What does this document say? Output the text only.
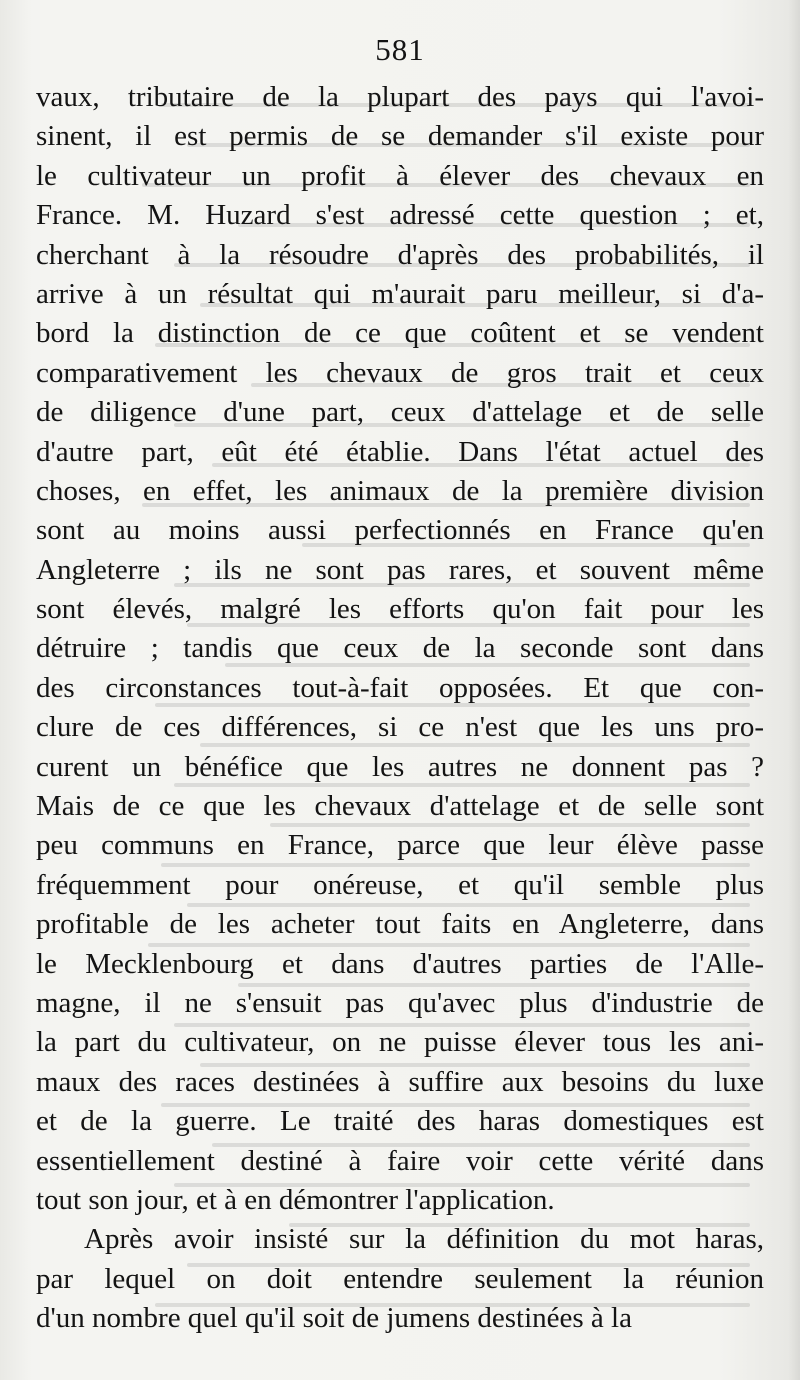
581
vaux, tributaire de la plupart des pays qui l'avoi-
sinent, il est permis de se demander s'il existe pour
le cultivateur un profit à élever des chevaux en
France. M. Huzard s'est adressé cette question ; et,
cherchant à la résoudre d'après des probabilités, il
arrive à un résultat qui m'aurait paru meilleur, si d'a-
bord la distinction de ce que coûtent et se vendent
comparativement les chevaux de gros trait et ceux
de diligence d'une part, ceux d'attelage et de selle
d'autre part, eût été établie. Dans l'état actuel des
choses, en effet, les animaux de la première division
sont au moins aussi perfectionnés en France qu'en
Angleterre ; ils ne sont pas rares, et souvent même
sont élevés, malgré les efforts qu'on fait pour les
détruire ; tandis que ceux de la seconde sont dans
des circonstances tout-à-fait opposées. Et que con-
clure de ces différences, si ce n'est que les uns pro-
curent un bénéfice que les autres ne donnent pas ?
Mais de ce que les chevaux d'attelage et de selle sont
peu communs en France, parce que leur élève passe
fréquemment pour onéreuse, et qu'il semble plus
profitable de les acheter tout faits en Angleterre, dans
le Mecklenbourg et dans d'autres parties de l'Alle-
magne, il ne s'ensuit pas qu'avec plus d'industrie de
la part du cultivateur, on ne puisse élever tous les ani-
maux des races destinées à suffire aux besoins du luxe
et de la guerre. Le traité des haras domestiques est
essentiellement destiné à faire voir cette vérité dans
tout son jour, et à en démontrer l'application.
Après avoir insisté sur la définition du mot haras,
par lequel on doit entendre seulement la réunion
d'un nombre quel qu'il soit de jumens destinées à la
